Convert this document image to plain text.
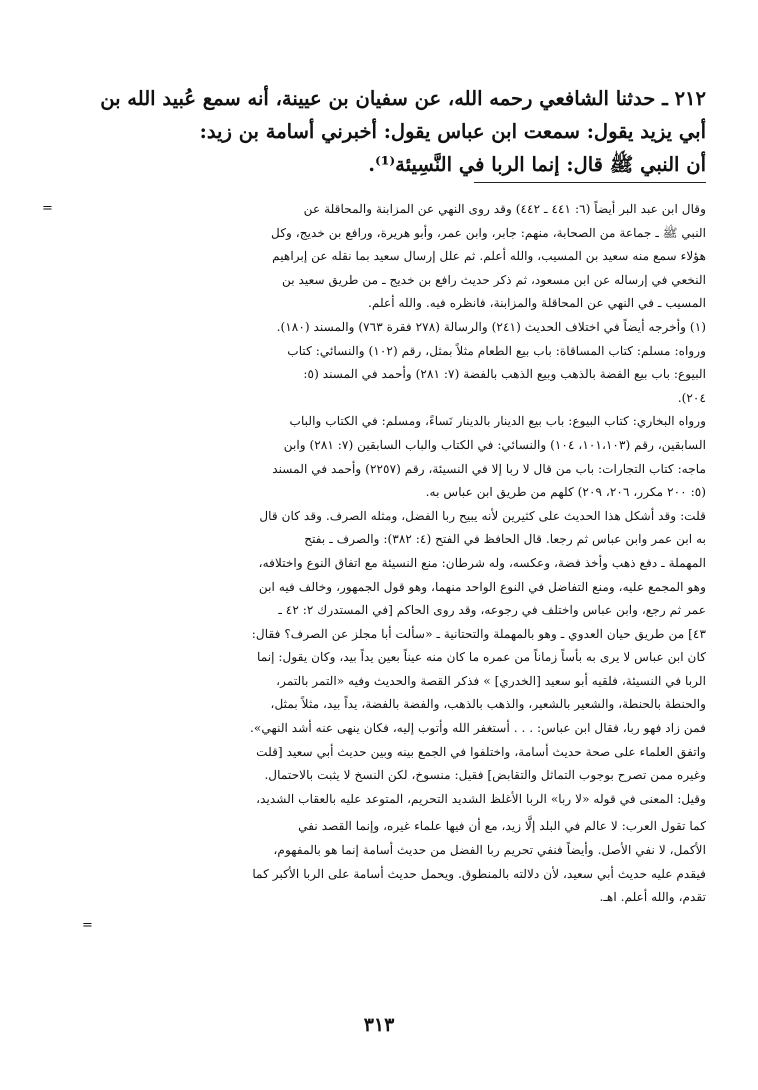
٢١٢ ـ حدثنا الشافعي رحمه الله، عن سفيان بن عيينة، أنه سمع عُبيد الله بن

أبي يزيد يقول: سمعت ابن عباس يقول: أخبرني أسامة بن زيد:

أن النبي ﷺ قال: إنما الربا في النَّسِيئة⁽¹⁾.

=	وقال ابن عبد البر أيضاً (٦: ٤٤١ ـ ٤٤٢) وقد روى النهي عن المزابنة والمحاقلة عن

النبي ﷺ ـ جماعة من الصحابة، منهم: جابر، وابن عمر، وأبو هريرة، ورافع بن خديج، وكل

هؤلاء سمع منه سعيد بن المسيب، والله أعلم. ثم علل إرسال سعيد بما نقله عن إبراهيم

النخعي في إرساله عن ابن مسعود، ثم ذكر حديث رافع بن خديج ـ من طريق سعيد بن

المسيب ـ في النهي عن المحاقلة والمزابنة، فانظره فيه. والله أعلم.

(١) وأخرجه أيضاً في اختلاف الحديث (٢٤١) والرسالة (٢٧٨ فقرة ٧٦٣) والمسند (١٨٠).

ورواه: مسلم: كتاب المساقاة: باب بيع الطعام مثلاً بمثل، رقم (١٠٢) والنسائي: كتاب

البيوع: باب بيع الفضة بالذهب وبيع الذهب بالفضة (٧: ٢٨١) وأحمد في المسند (٥:

٢٠٤).

ورواه البخاري: كتاب البيوع: باب بيع الدينار بالدينار نَساءً، ومسلم: في الكتاب والباب

السابقين، رقم (١٠١،١٠٣، ١٠٤) والنسائي: في الكتاب والباب السابقين (٧: ٢٨١) وابن

ماجه: كتاب التجارات: باب من قال لا ربا إلا في النسيئة، رقم (٢٢٥٧) وأحمد في المسند

(٥: ٢٠٠ مكرر، ٢٠٦، ٢٠٩) كلهم من طريق ابن عباس به.

قلت: وقد أشكل هذا الحديث على كثيرين لأنه يبيح ربا الفضل، ومثله الصرف. وقد كان قال

به ابن عمر وابن عباس ثم رجعا. قال الحافظ في الفتح (٤: ٣٨٢): والصرف ـ بفتح

المهملة ـ دفع ذهب وأخذ فضة، وعكسه، وله شرطان: منع النسيئة مع اتفاق النوع واختلافه،

وهو المجمع عليه، ومنع التفاضل في النوع الواحد منهما، وهو قول الجمهور، وخالف فيه ابن

عمر ثم رجع، وابن عباس واختلف في رجوعه، وقد روى الحاكم [في المستدرك ٢: ٤٢ ـ

٤٣] من طريق حيان العدوي ـ وهو بالمهملة والتحتانية ـ «سألت أبا مجلز عن الصرف؟ فقال:

كان ابن عباس لا يرى به بأساً زماناً من عمره ما كان منه عيناً بعين يداً بيد، وكان يقول: إنما

الربا في النسيئة، فلقيه أبو سعيد [الخدري] » فذكر القصة والحديث وفيه «التمر بالتمر،

والحنطة بالحنطة، والشعير بالشعير، والذهب بالذهب، والفضة بالفضة، يداً بيد، مثلاً بمثل،

فمن زاد فهو ربا، فقال ابن عباس: . . . أستغفر الله وأتوب إليه، فكان ينهى عنه أشد النهي».

واتفق العلماء على صحة حديث أسامة، واختلفوا في الجمع بينه وبين حديث أبي سعيد [قلت

وغيره ممن تصرح بوجوب التماثل والتقابض] فقيل: منسوخ، لكن النسخ لا يثبت بالاحتمال.

وقيل: المعنى في قوله «لا ربا» الربا الأغلظ الشديد التحريم، المتوعد عليه بالعقاب الشديد،

كما تقول العرب: لا عالم في البلد إلَّا زيد، مع أن فيها علماء غيره، وإنما القصد نفي

الأكمل، لا نفي الأصل. وأيضاً فنفي تحريم ربا الفضل من حديث أسامة إنما هو بالمفهوم،

فيقدم عليه حديث أبي سعيد، لأن دلالته بالمنطوق. ويحمل حديث أسامة على الربا الأكبر كما

تقدم، والله أعلم. اهـ.

=
٣١٣
